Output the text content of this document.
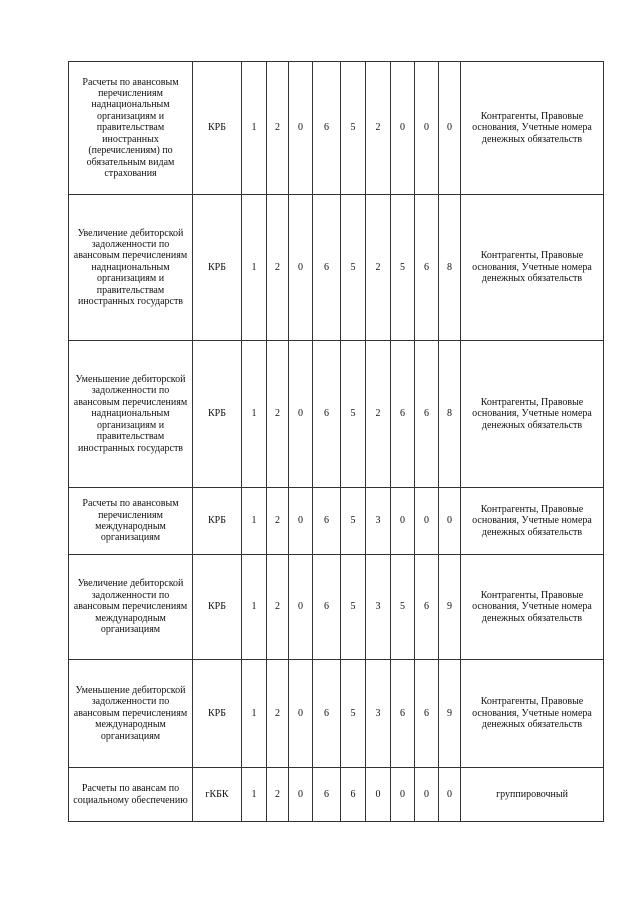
Расчеты по авансовым перечислениям наднациональным организациям и правительствам иностранных (перечислениям) по обязательным видам страхования	КРБ	1	2	0	6	5	2	0	0	0	Контрагенты, Правовые основания, Учетные номера денежных обязательств
Увеличение дебиторской задолженности по авансовым перечислениям наднациональным организациям и правительствам иностранных государств	КРБ	1	2	0	6	5	2	5	6	8	Контрагенты, Правовые основания, Учетные номера денежных обязательств
Уменьшение дебиторской задолженности по авансовым перечислениям наднациональным организациям и правительствам иностранных государств	КРБ	1	2	0	6	5	2	6	6	8	Контрагенты, Правовые основания, Учетные номера денежных обязательств
Расчеты по авансовым перечислениям международным организациям	КРБ	1	2	0	6	5	3	0	0	0	Контрагенты, Правовые основания, Учетные номера денежных обязательств
Увеличение дебиторской задолженности по авансовым перечислениям международным организациям	КРБ	1	2	0	6	5	3	5	6	9	Контрагенты, Правовые основания, Учетные номера денежных обязательств
Уменьшение дебиторской задолженности по авансовым перечислениям международным организациям	КРБ	1	2	0	6	5	3	6	6	9	Контрагенты, Правовые основания, Учетные номера денежных обязательств
Расчеты по авансам по социальному обеспечению	гКБК	1	2	0	6	6	0	0	0	0	группировочный
